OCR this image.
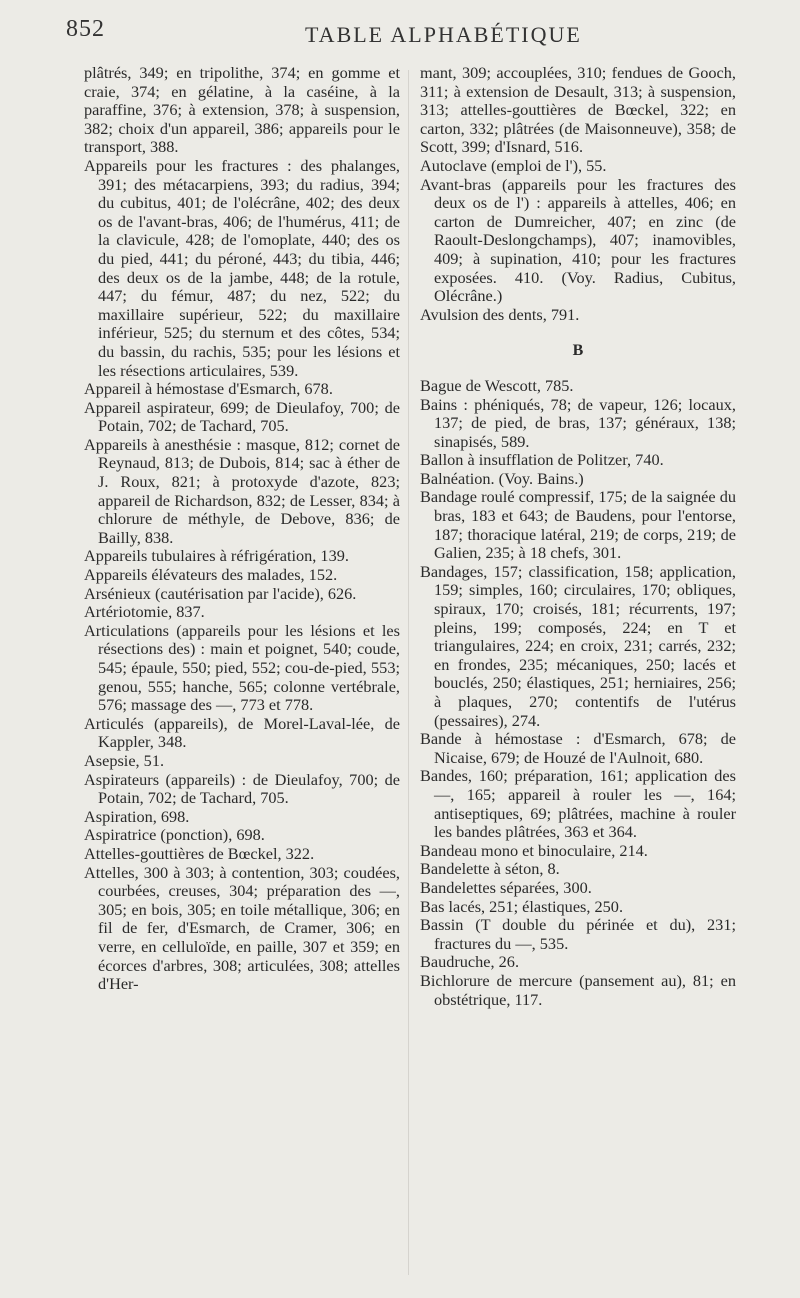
852	TABLE ALPHABÉTIQUE

plâtrés, 349; en tripolithe, 374; en gomme et craie, 374; en gélatine, à la caséine, à la paraffine, 376; à extension, 378; à suspension, 382; choix d'un appareil, 386; appareils pour le transport, 388.

Appareils pour les fractures : des phalanges, 391; des métacarpiens, 393; du radius, 394; du cubitus, 401; de l'olécrâne, 402; des deux os de l'avant-bras, 406; de l'humérus, 411; de la clavicule, 428; de l'omoplate, 440; des os du pied, 441; du péroné, 443; du tibia, 446; des deux os de la jambe, 448; de la rotule, 447; du fémur, 487; du nez, 522; du maxillaire supérieur, 522; du maxillaire inférieur, 525; du sternum et des côtes, 534; du bassin, du rachis, 535; pour les lésions et les résections articulaires, 539.

Appareil à hémostase d'Esmarch, 678.

Appareil aspirateur, 699; de Dieulafoy, 700; de Potain, 702; de Tachard, 705.

Appareils à anesthésie : masque, 812; cornet de Reynaud, 813; de Dubois, 814; sac à éther de J. Roux, 821; à protoxyde d'azote, 823; appareil de Richardson, 832; de Lesser, 834; à chlorure de méthyle, de Debove, 836; de Bailly, 838.

Appareils tubulaires à réfrigération, 139.

Appareils élévateurs des malades, 152.

Arsénieux (cautérisation par l'acide), 626.

Artériotomie, 837.

Articulations (appareils pour les lésions et les résections des) : main et poignet, 540; coude, 545; épaule, 550; pied, 552; cou-de-pied, 553; genou, 555; hanche, 565; colonne vertébrale, 576; massage des —, 773 et 778.

Articulés (appareils), de Morel-Laval-lée, de Kappler, 348.

Asepsie, 51.

Aspirateurs (appareils) : de Dieulafoy, 700; de Potain, 702; de Tachard, 705.

Aspiration, 698.

Aspiratrice (ponction), 698.

Attelles-gouttières de Bœckel, 322.

Attelles, 300 à 303; à contention, 303; coudées, courbées, creuses, 304; préparation des —, 305; en bois, 305; en toile métallique, 306; en fil de fer, d'Esmarch, de Cramer, 306; en verre, en celluloïde, en paille, 307 et 359; en écorces d'arbres, 308; articulées, 308; attelles d'Her-

mant, 309; accouplées, 310; fendues de Gooch, 311; à extension de Desault, 313; à suspension, 313; attelles-gouttières de Bœckel, 322; en carton, 332; plâtrées (de Maisonneuve), 358; de Scott, 399; d'Isnard, 516.

Autoclave (emploi de l'), 55.

Avant-bras (appareils pour les fractures des deux os de l') : appareils à attelles, 406; en carton de Dumreicher, 407; en zinc (de Raoult-Deslongchamps), 407; inamovibles, 409; à supination, 410; pour les fractures exposées. 410. (Voy. Radius, Cubitus, Olécrâne.)

Avulsion des dents, 791.

B

Bague de Wescott, 785.

Bains : phéniqués, 78; de vapeur, 126; locaux, 137; de pied, de bras, 137; généraux, 138; sinapisés, 589.

Ballon à insufflation de Politzer, 740.

Balnéation. (Voy. Bains.)

Bandage roulé compressif, 175; de la saignée du bras, 183 et 643; de Baudens, pour l'entorse, 187; thoracique latéral, 219; de corps, 219; de Galien, 235; à 18 chefs, 301.

Bandages, 157; classification, 158; application, 159; simples, 160; circulaires, 170; obliques, spiraux, 170; croisés, 181; récurrents, 197; pleins, 199; composés, 224; en T et triangulaires, 224; en croix, 231; carrés, 232; en frondes, 235; mécaniques, 250; lacés et bouclés, 250; élastiques, 251; herniaires, 256; à plaques, 270; contentifs de l'utérus (pessaires), 274.

Bande à hémostase : d'Esmarch, 678; de Nicaise, 679; de Houzé de l'Aulnoit, 680.

Bandes, 160; préparation, 161; application des —, 165; appareil à rouler les —, 164; antiseptiques, 69; plâtrées, machine à rouler les bandes plâtrées, 363 et 364.

Bandeau mono et binoculaire, 214.

Bandelette à séton, 8.

Bandelettes séparées, 300.

Bas lacés, 251; élastiques, 250.

Bassin (T double du périnée et du), 231; fractures du —, 535.

Baudruche, 26.

Bichlorure de mercure (pansement au), 81; en obstétrique, 117.
